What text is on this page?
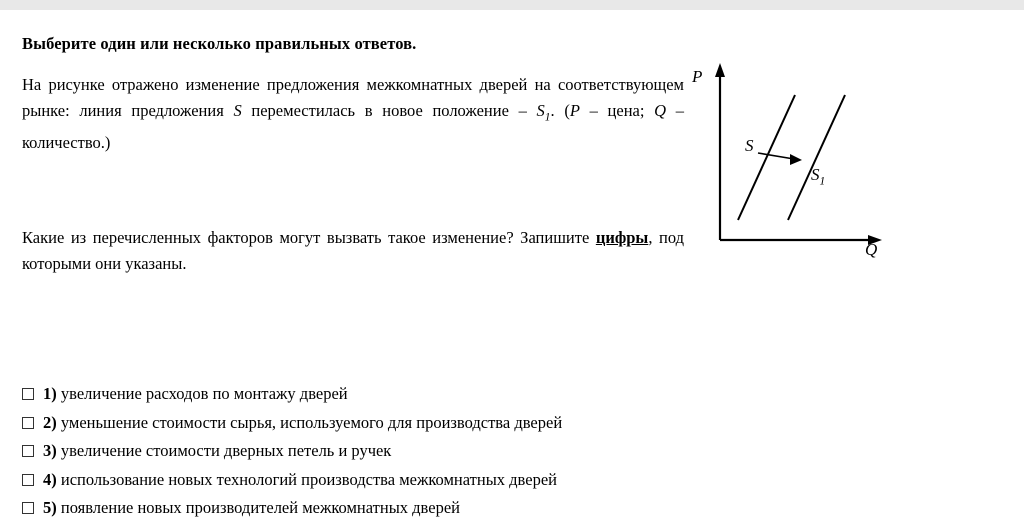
Выберите один или несколько правильных ответов.
На рисунке отражено изменение предложения межкомнатных дверей на соответствующем рынке: линия предложения S переместилась в новое положение – $S_1$. (P – цена; Q – количество.)
Какие из перечисленных факторов могут вызвать такое изменение? Запишите цифры, под которыми они указаны.
P
Q
S
$S_1$
1) увеличение расходов по монтажу дверей
2) уменьшение стоимости сырья, используемого для производства дверей
3) увеличение стоимости дверных петель и ручек
4) использование новых технологий производства межкомнатных дверей
5) появление новых производителей межкомнатных дверей
